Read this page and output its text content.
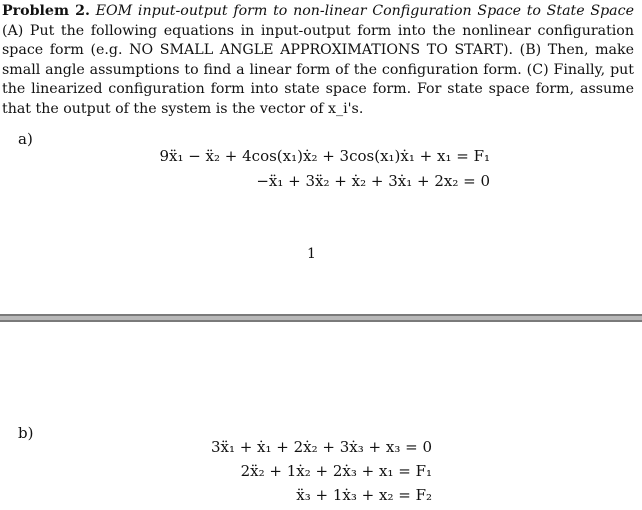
Problem 2. EOM input-output form to non-linear Configuration Space to State Space (A) Put the following equations in input-output form into the nonlinear configuration space form (e.g. NO SMALL ANGLE APPROXIMATIONS TO START). (B) Then, make small angle assumptions to find a linear form of the configuration form. (C) Finally, put the linearized configuration form into state space form. For state space form, assume that the output of the system is the vector of x_i's.
a)
9ẍ₁ − ẍ₂ + 4cos(x₁)ẋ₂ + 3cos(x₁)ẋ₁ + x₁ = F₁
−ẍ₁ + 3ẍ₂ + ẋ₂ + 3ẋ₁ + 2x₂ = 0
1
b)
3ẍ₁ + ẋ₁ + 2ẋ₂ + 3ẋ₃ + x₃ = 0
2ẍ₂ + 1ẋ₂ + 2ẋ₃ + x₁ = F₁
ẍ₃ + 1ẋ₃ + x₂ = F₂
